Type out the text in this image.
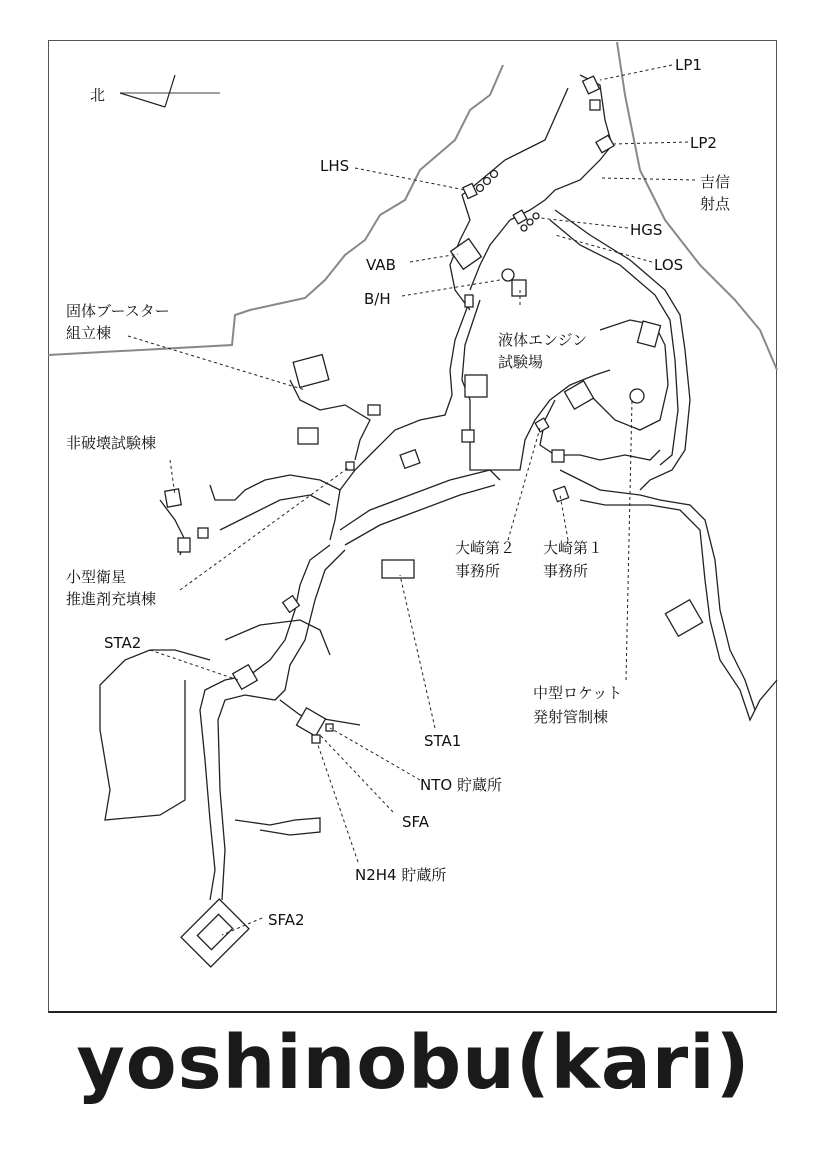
北
LP1
LP2
吉信
射点
LHS
HGS
LOS
VAB
B/H
固体ブースター
組立棟	液体エンジン
試験場
非破壊試験棟
小型衛星
推進剤充填棟
大崎第２
事務所
大崎第１
事務所
STA2
STA1
NTO 貯蔵所
SFA
N2H4 貯蔵所
SFA2
中型ロケット
発射管制棟
yoshinobu(kari)
